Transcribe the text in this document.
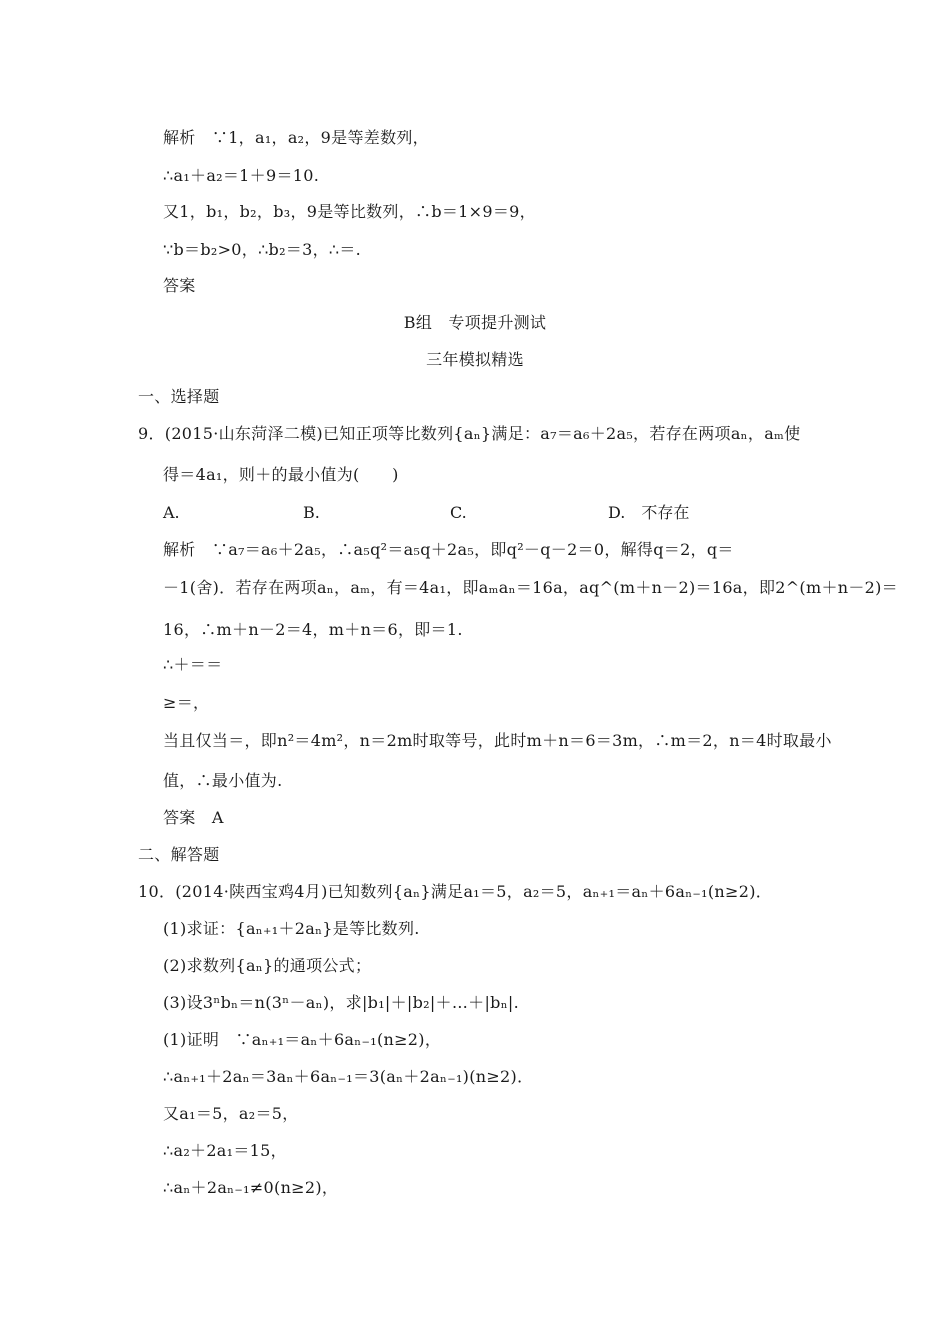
解析　∵1，a₁，a₂，9是等差数列，
∴a₁＋a₂＝1＋9＝10.
又1，b₁，b₂，b₃，9是等比数列，∴b＝1×9＝9，
∵b＝b₂>0，∴b₂＝3，∴＝.
答案
B组　专项提升测试
三年模拟精选
一、选择题
9．(2015·山东菏泽二模)已知正项等比数列{aₙ}满足：a₇＝a₆＋2a₅，若存在两项aₙ，aₘ使
得＝4a₁，则＋的最小值为(　　)
A.	B.	C.	D.　不存在
解析　∵a₇＝a₆＋2a₅，∴a₅q²＝a₅q＋2a₅，即q²－q－2＝0，解得q＝2，q＝
－1(舍)．若存在两项aₙ，aₘ，有＝4a₁，即aₘaₙ＝16a，aq^(m＋n－2)＝16a，即2^(m＋n－2)＝
16，∴m＋n－2＝4，m＋n＝6，即＝1.
∴＋＝＝
≥＝，
当且仅当＝，即n²＝4m²，n＝2m时取等号，此时m＋n＝6＝3m，∴m＝2，n＝4时取最小
值，∴最小值为.
答案　A
二、解答题
10．(2014·陕西宝鸡4月)已知数列{aₙ}满足a₁＝5，a₂＝5，aₙ₊₁＝aₙ＋6aₙ₋₁(n≥2)．
(1)求证：{aₙ₊₁＋2aₙ}是等比数列.
(2)求数列{aₙ}的通项公式；
(3)设3ⁿbₙ＝n(3ⁿ－aₙ)，求|b₁|＋|b₂|＋…＋|bₙ|.
(1)证明　∵aₙ₊₁＝aₙ＋6aₙ₋₁(n≥2)，
∴aₙ₊₁＋2aₙ＝3aₙ＋6aₙ₋₁＝3(aₙ＋2aₙ₋₁)(n≥2)．
又a₁＝5，a₂＝5，
∴a₂＋2a₁＝15，
∴aₙ＋2aₙ₋₁≠0(n≥2)，
